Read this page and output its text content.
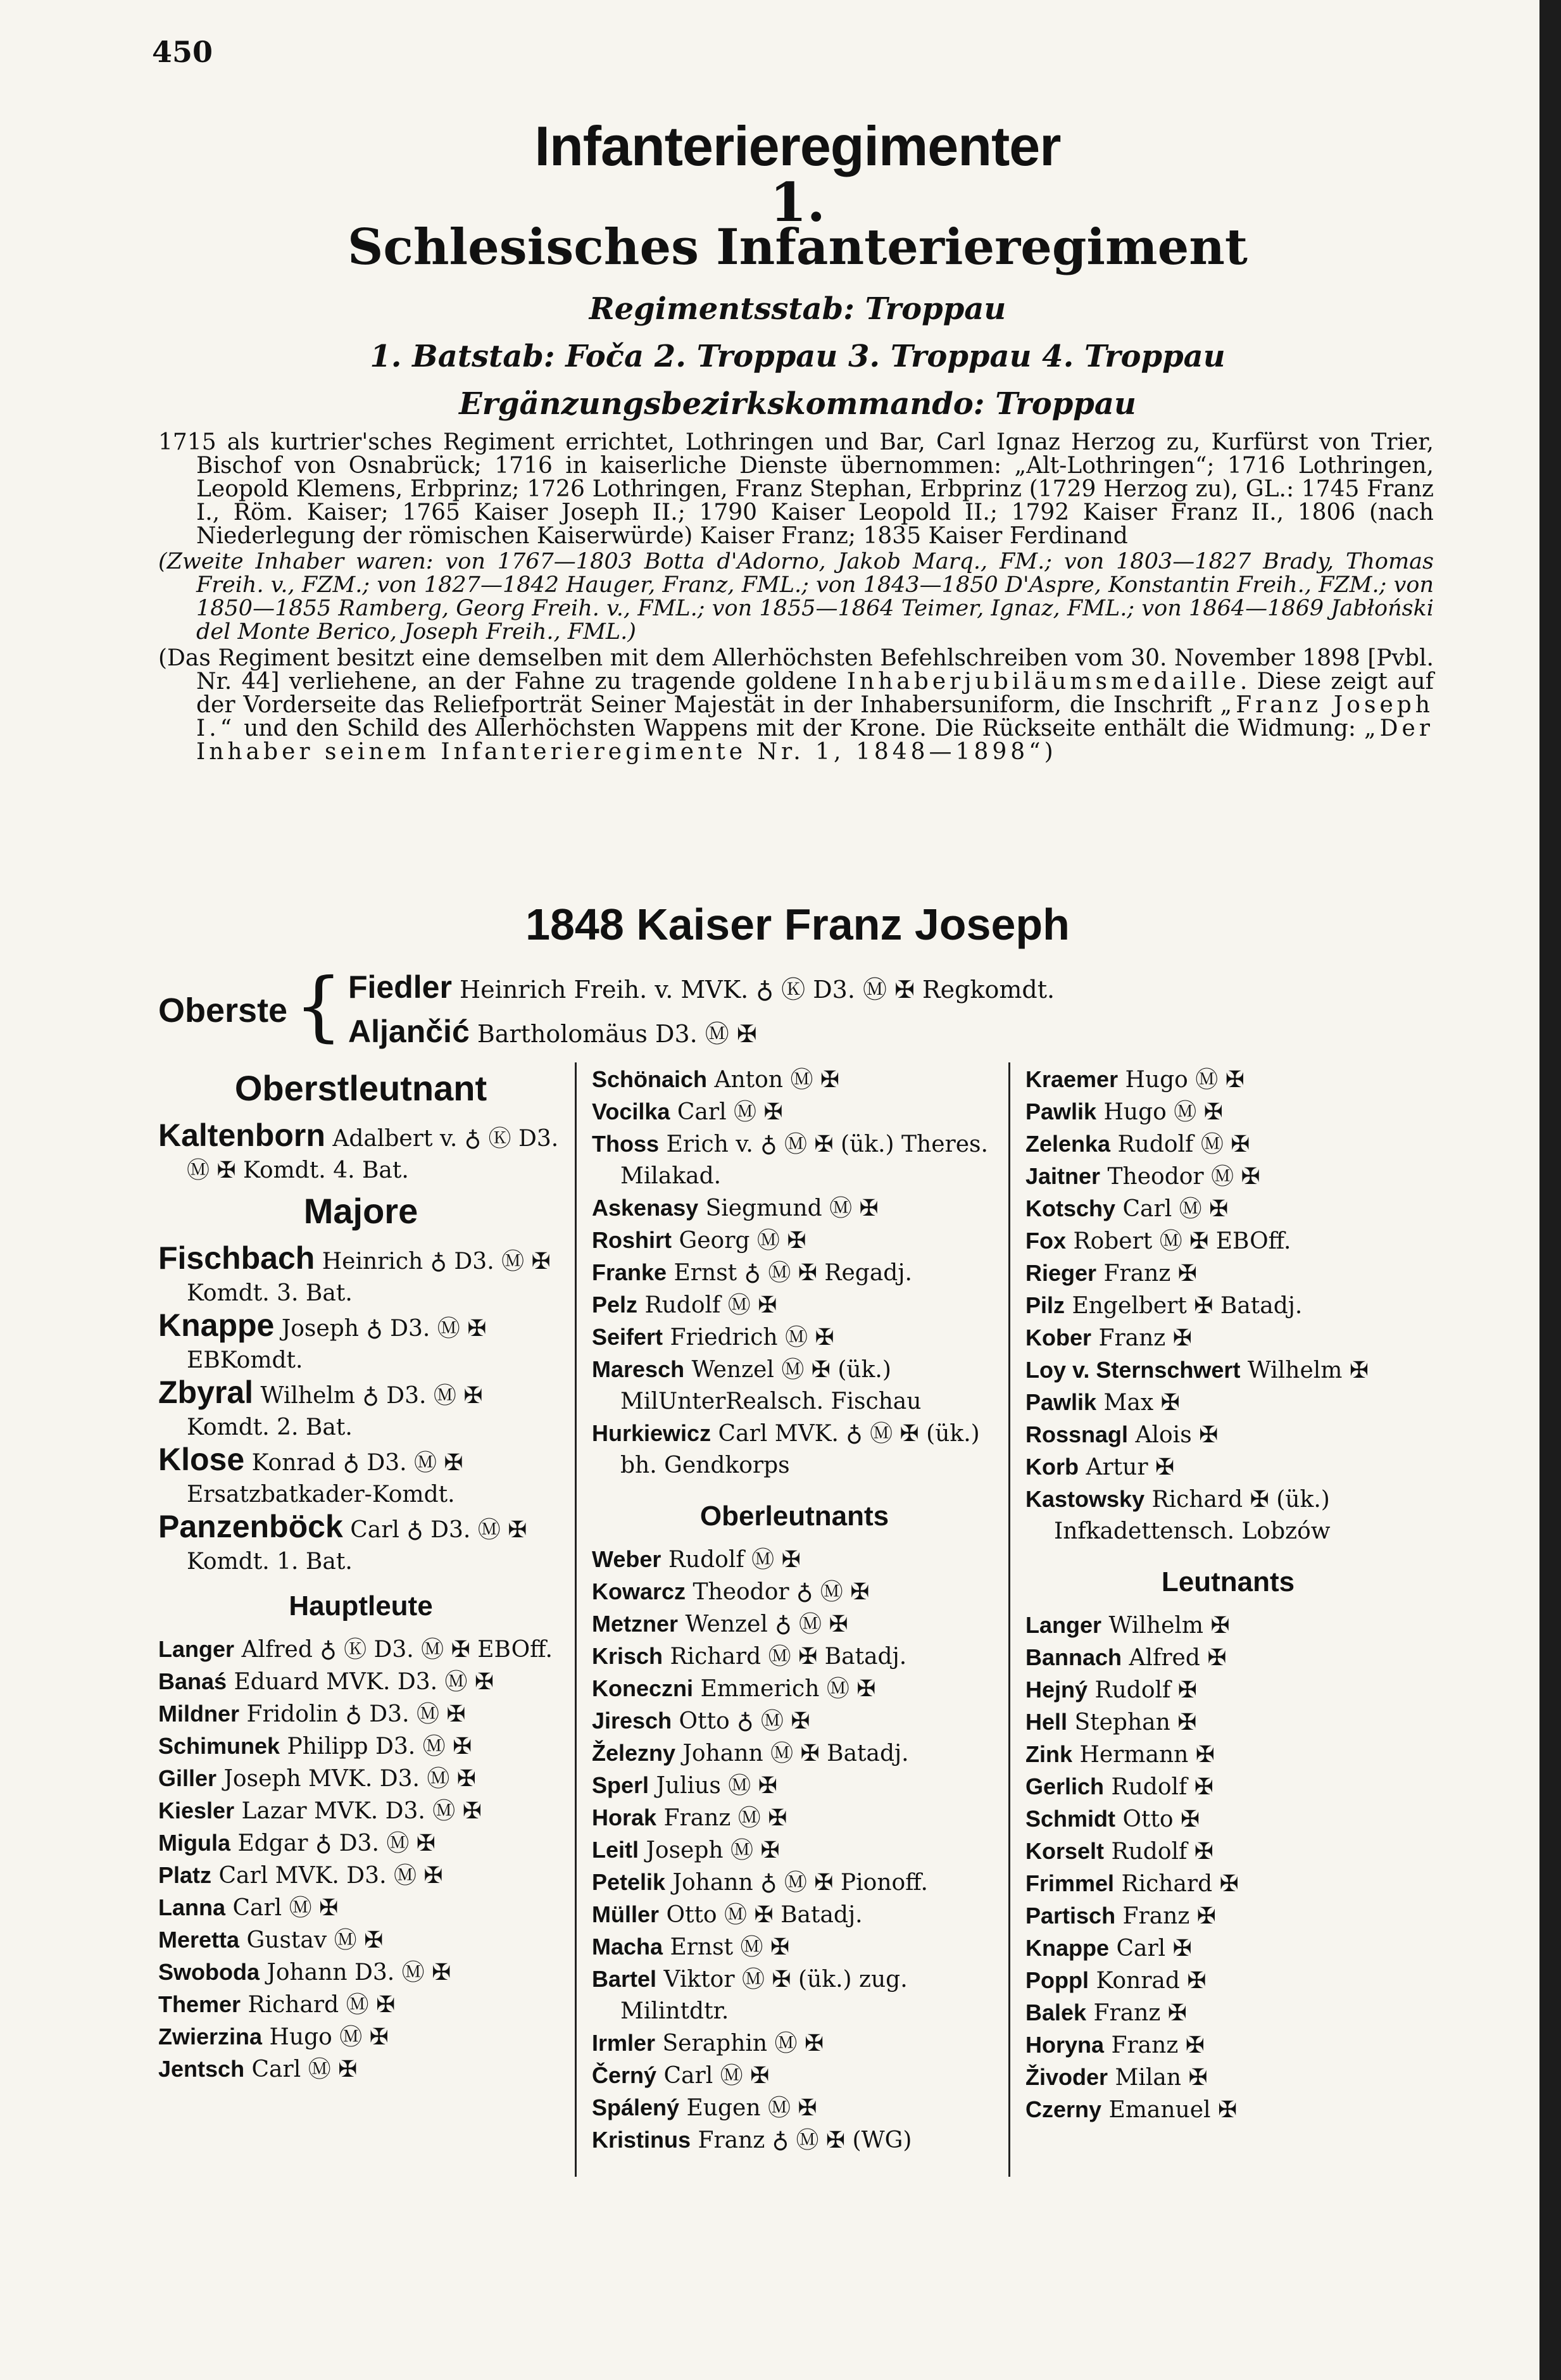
450
Infanterieregimenter
1.
Schlesisches Infanterieregiment
Regimentsstab: Troppau
1. Batstab: Foča 2. Troppau 3. Troppau 4. Troppau
Ergänzungsbezirkskommando: Troppau

1715 als kurtrier'sches Regiment errichtet, Lothringen und Bar, Carl Ignaz Herzog zu, Kurfürst von Trier, Bischof von Osnabrück; 1716 in kaiserliche Dienste übernommen: „Alt-Lothringen“; 1716 Lothringen, Leopold Klemens, Erbprinz; 1726 Lothringen, Franz Stephan, Erbprinz (1729 Herzog zu), GL.: 1745 Franz I., Röm. Kaiser; 1765 Kaiser Joseph II.; 1790 Kaiser Leopold II.; 1792 Kaiser Franz II., 1806 (nach Niederlegung der römischen Kaiserwürde) Kaiser Franz; 1835 Kaiser Ferdinand

(Zweite Inhaber waren: von 1767—1803 Botta d'Adorno, Jakob Marq., FM.; von 1803—1827 Brady, Thomas Freih. v., FZM.; von 1827—1842 Hauger, Franz, FML.; von 1843—1850 D'Aspre, Konstantin Freih., FZM.; von 1850—1855 Ramberg, Georg Freih. v., FML.; von 1855—1864 Teimer, Ignaz, FML.; von 1864—1869 Jabłoński del Monte Berico, Joseph Freih., FML.)

(Das Regiment besitzt eine demselben mit dem Allerhöchsten Befehlschreiben vom 30. November 1898 [Pvbl. Nr. 44] verliehene, an der Fahne zu tragende goldene Inhaberjubiläumsmedaille. Diese zeigt auf der Vorderseite das Reliefporträt Seiner Majestät in der Inhabersuniform, die Inschrift „Franz Joseph I.“ und den Schild des Allerhöchsten Wappens mit der Krone. Die Rückseite enthält die Widmung: „Der Inhaber seinem Infanterieregimente Nr. 1, 1848—1898“)

1848 Kaiser Franz Joseph
Oberste { Fiedler Heinrich Freih. v. MVK. ♁ Ⓚ D3. Ⓜ ✠ Regkomdt.
Aljančić Bartholomäus D3. Ⓜ ✠
Oberstleutnant
Kaltenborn Adalbert v. ♁ Ⓚ D3. Ⓜ ✠ Komdt. 4. Bat.
Majore
Fischbach Heinrich ♁ D3. Ⓜ ✠ Komdt. 3. Bat.
Knappe Joseph ♁ D3. Ⓜ ✠ EBKomdt.
Zbyral Wilhelm ♁ D3. Ⓜ ✠ Komdt. 2. Bat.
Klose Konrad ♁ D3. Ⓜ ✠ Ersatzbatkader-Komdt.
Panzenböck Carl ♁ D3. Ⓜ ✠ Komdt. 1. Bat.
Hauptleute
Langer Alfred ♁ Ⓚ D3. Ⓜ ✠ EBOff.
Banaś Eduard MVK. D3. Ⓜ ✠
Mildner Fridolin ♁ D3. Ⓜ ✠
Schimunek Philipp D3. Ⓜ ✠
Giller Joseph MVK. D3. Ⓜ ✠
Kiesler Lazar MVK. D3. Ⓜ ✠
Migula Edgar ♁ D3. Ⓜ ✠
Platz Carl MVK. D3. Ⓜ ✠
Lanna Carl Ⓜ ✠
Meretta Gustav Ⓜ ✠
Swoboda Johann D3. Ⓜ ✠
Themer Richard Ⓜ ✠
Zwierzina Hugo Ⓜ ✠
Jentsch Carl Ⓜ ✠
Schönaich Anton Ⓜ ✠
Vocilka Carl Ⓜ ✠
Thoss Erich v. ♁ Ⓜ ✠ (ük.) Theres. Milakad.
Askenasy Siegmund Ⓜ ✠
Roshirt Georg Ⓜ ✠
Franke Ernst ♁ Ⓜ ✠ Regadj.
Pelz Rudolf Ⓜ ✠
Seifert Friedrich Ⓜ ✠
Maresch Wenzel Ⓜ ✠ (ük.) MilUnterRealsch. Fischau
Hurkiewicz Carl MVK. ♁ Ⓜ ✠ (ük.) bh. Gendkorps
Oberleutnants
Weber Rudolf Ⓜ ✠
Kowarcz Theodor ♁ Ⓜ ✠
Metzner Wenzel ♁ Ⓜ ✠
Krisch Richard Ⓜ ✠ Batadj.
Koneczni Emmerich Ⓜ ✠
Jiresch Otto ♁ Ⓜ ✠
Železny Johann Ⓜ ✠ Batadj.
Sperl Julius Ⓜ ✠
Horak Franz Ⓜ ✠
Leitl Joseph Ⓜ ✠
Petelik Johann ♁ Ⓜ ✠ Pionoff.
Müller Otto Ⓜ ✠ Batadj.
Macha Ernst Ⓜ ✠
Bartel Viktor Ⓜ ✠ (ük.) zug. Milintdtr.
Irmler Seraphin Ⓜ ✠
Černý Carl Ⓜ ✠
Spálený Eugen Ⓜ ✠
Kristinus Franz ♁ Ⓜ ✠ (WG)
Kraemer Hugo Ⓜ ✠
Pawlik Hugo Ⓜ ✠
Zelenka Rudolf Ⓜ ✠
Jaitner Theodor Ⓜ ✠
Kotschy Carl Ⓜ ✠
Fox Robert Ⓜ ✠ EBOff.
Rieger Franz ✠
Pilz Engelbert ✠ Batadj.
Kober Franz ✠
Loy v. Sternschwert Wilhelm ✠
Pawlik Max ✠
Rossnagl Alois ✠
Korb Artur ✠
Kastowsky Richard ✠ (ük.) Infkadettensch. Lobzów
Leutnants
Langer Wilhelm ✠
Bannach Alfred ✠
Hejný Rudolf ✠
Hell Stephan ✠
Zink Hermann ✠
Gerlich Rudolf ✠
Schmidt Otto ✠
Korselt Rudolf ✠
Frimmel Richard ✠
Partisch Franz ✠
Knappe Carl ✠
Poppl Konrad ✠
Balek Franz ✠
Horyna Franz ✠
Živoder Milan ✠
Czerny Emanuel ✠
